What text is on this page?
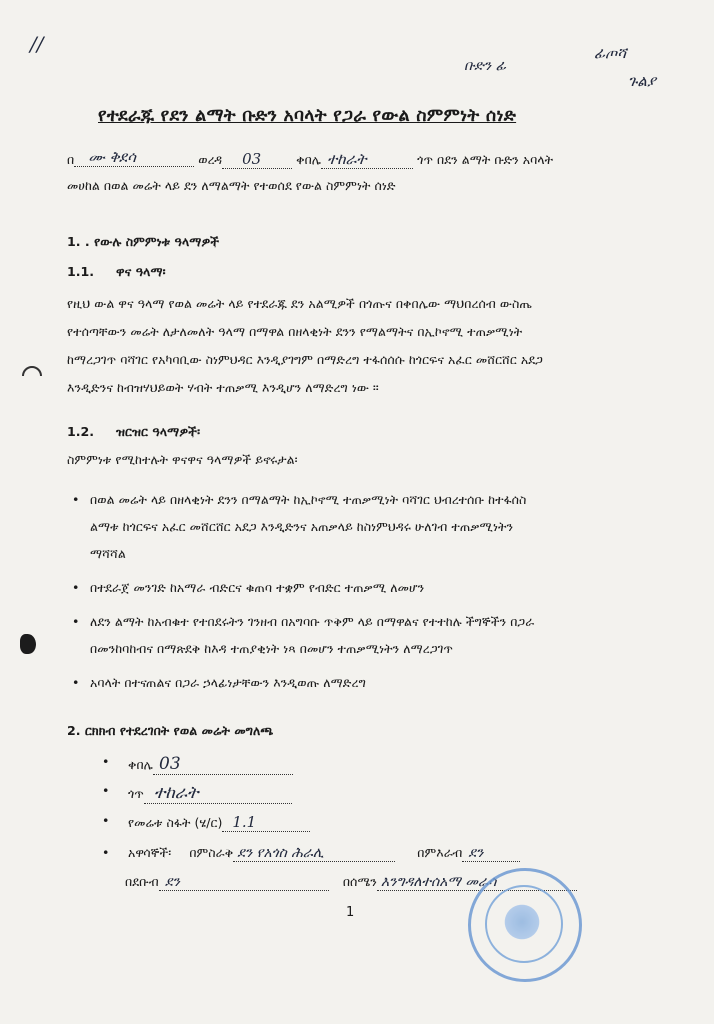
//
ቡድን ፊ
ፊጦሻ
ጉልያ
የተደራጁ የደን ልማት ቡድን አባላት የጋራ የውል ስምምነት ሰነድ
በ ሙ ቅደሳ	ወረዳ 03	ቀበሌ ተከራት	ጎጥ በደን ልማት ቡድን አባላት
መሀከል በወል መሬት ላይ ደን ለማልማት የተወሰደ የውል ስምምነት ሰነድ
1. . የውሉ ስምምነቱ ዓላማዎች
1.1. ዋና ዓላማ፡
የዚህ ውል ዋና ዓላማ የወል መሬት ላይ የተደራጁ ደን አልሚዎች በጎጡና በቀበሌው ማህበረሰብ ውስጤ
የተሰጣቸውን መሬት ለታለመለት ዓላማ በማዋል በዘላቂነት ደንን የማልማትና በኢኮኖሚ ተጠቃሚነት
ከማረጋገጥ ባሻገር የአካባቢው ስነምህዳር እንዲያገግም በማድረግ ተፋሰሰሱ ከጎርፍና አፈር መሸርሸር አደጋ
እንዲድንና ከብዝሃህይወት ሃብት ተጠቃሚ እንዲሆን ለማድረግ ነው ።
1.2. ዝርዝር ዓላማዎች፡
ስምምነቱ የሚከተሉት ዋናዋና ዓላማዎች ይኖሩታል፡
• በወል መሬት ላይ በዘላቂነት ደንን በማልማት ከኢኮኖሚ ተጠቃሚነት ባሻገር ህብረተሰቡ ከተፋሰስ
ልማቱ ከጎርፍና አፈር መሸርሸር አደጋ እንዲድንና አጠቃላይ ከስነምህዳሩ ሁለገብ ተጠቃሚነትን
ማሻሻል
• በተደራጀ መንገድ ከአማራ ብድርና ቁጠባ ተቋም የብድር ተጠቃሚ ለመሆን
• ለደን ልማት ከአብቁተ የተበደሩትን ገንዘብ በአግባቡ ጥቅም ላይ በማዋልና የተተከሉ ችግኞችን በጋራ
በመንከባከብና በማጽደቅ ከእዳ ተጠያቂነት ነጻ በመሆን ተጠቃሚነትን ለማረጋገጥ
• አባላት በተናጠልና በጋራ ኃላፊነታቸውን እንዲወጡ ለማድረግ
2. ርክክብ የተደረገበት የወል መሬት መግለጫ
• ቀበሌ 03
• ጎጥ ተከራት
• የመሬቱ ስፋት (ሄ/ር) 1.1
• አዋሳኞች፡ በምስራቅ ደን የአጎስ ሕራሊ	በምእራብ ደን
በደቡብ ደን	በሰሜን እንግዳለተሰአማ መራሳ
1
